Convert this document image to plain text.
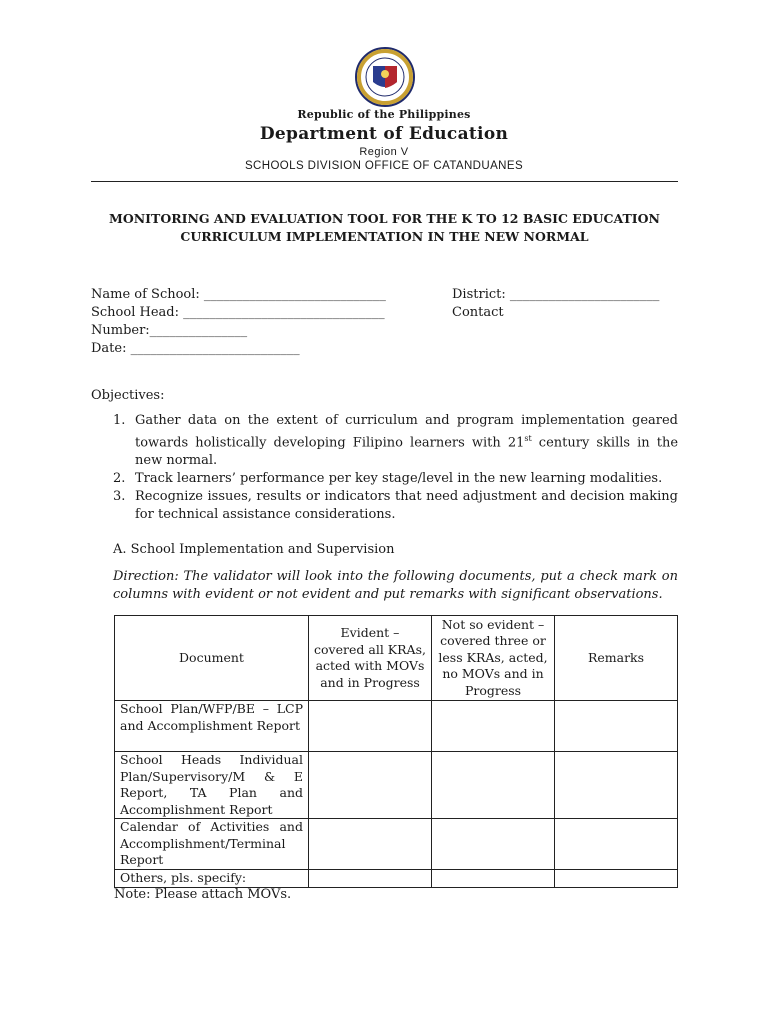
Republic of the Philippines
Department of Education
Region V
SCHOOLS DIVISION OFFICE OF CATANDUANES
MONITORING AND EVALUATION TOOL FOR THE K TO 12 BASIC EDUCATION
CURRICULUM IMPLEMENTATION IN THE NEW NORMAL
Name of School: ____________________________
School Head: _______________________________
Number:_______________
Date: __________________________
District: _______________________
Contact
Objectives:
1. Gather data on the extent of curriculum and program implementation geared towards holistically developing Filipino learners with 21st century skills in the new normal.
2. Track learners’ performance per key stage/level in the new learning modalities.
3. Recognize issues, results or indicators that need adjustment and decision making for technical assistance considerations.
A. School Implementation and Supervision
Direction: The validator will look into the following documents, put a check mark on columns with evident or not evident and put remarks with significant observations.
Document	Evident – covered all KRAs, acted with MOVs and in Progress	Not so evident – covered three or less KRAs, acted, no MOVs and in Progress	Remarks
School Plan/WFP/BE – LCP and Accomplishment Report			
School Heads Individual Plan/Supervisory/M & E Report, TA Plan and Accomplishment Report			
Calendar of Activities and Accomplishment/Terminal Report			
Others, pls. specify:			
Note: Please attach MOVs.
